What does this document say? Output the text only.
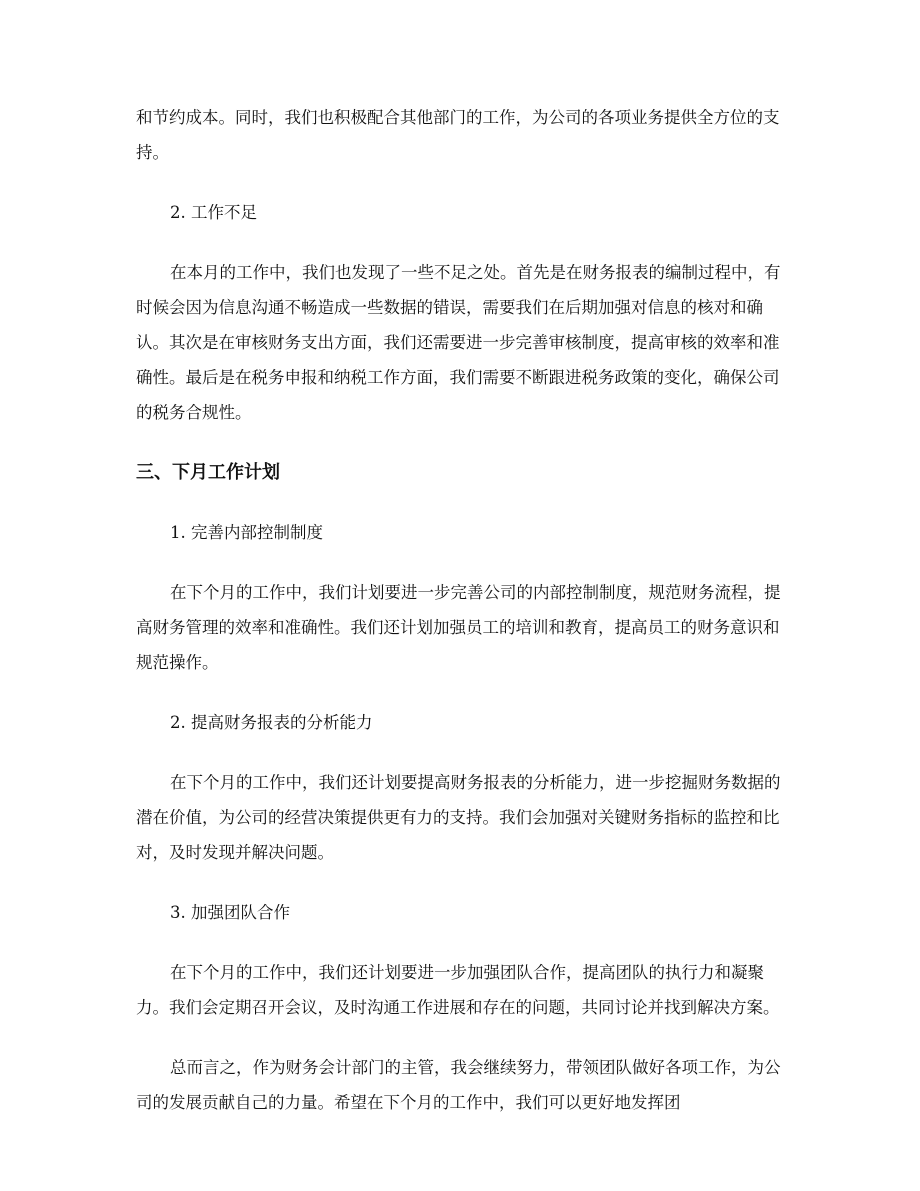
和节约成本。同时，我们也积极配合其他部门的工作，为公司的各项业务提供全方位的支持。

2. 工作不足

在本月的工作中，我们也发现了一些不足之处。首先是在财务报表的编制过程中，有时候会因为信息沟通不畅造成一些数据的错误，需要我们在后期加强对信息的核对和确认。其次是在审核财务支出方面，我们还需要进一步完善审核制度，提高审核的效率和准确性。最后是在税务申报和纳税工作方面，我们需要不断跟进税务政策的变化，确保公司的税务合规性。

三、下月工作计划

1. 完善内部控制制度

在下个月的工作中，我们计划要进一步完善公司的内部控制制度，规范财务流程，提高财务管理的效率和准确性。我们还计划加强员工的培训和教育，提高员工的财务意识和规范操作。

2. 提高财务报表的分析能力

在下个月的工作中，我们还计划要提高财务报表的分析能力，进一步挖掘财务数据的潜在价值，为公司的经营决策提供更有力的支持。我们会加强对关键财务指标的监控和比对，及时发现并解决问题。

3. 加强团队合作

在下个月的工作中，我们还计划要进一步加强团队合作，提高团队的执行力和凝聚力。我们会定期召开会议，及时沟通工作进展和存在的问题，共同讨论并找到解决方案。

总而言之，作为财务会计部门的主管，我会继续努力，带领团队做好各项工作，为公司的发展贡献自己的力量。希望在下个月的工作中，我们可以更好地发挥团
